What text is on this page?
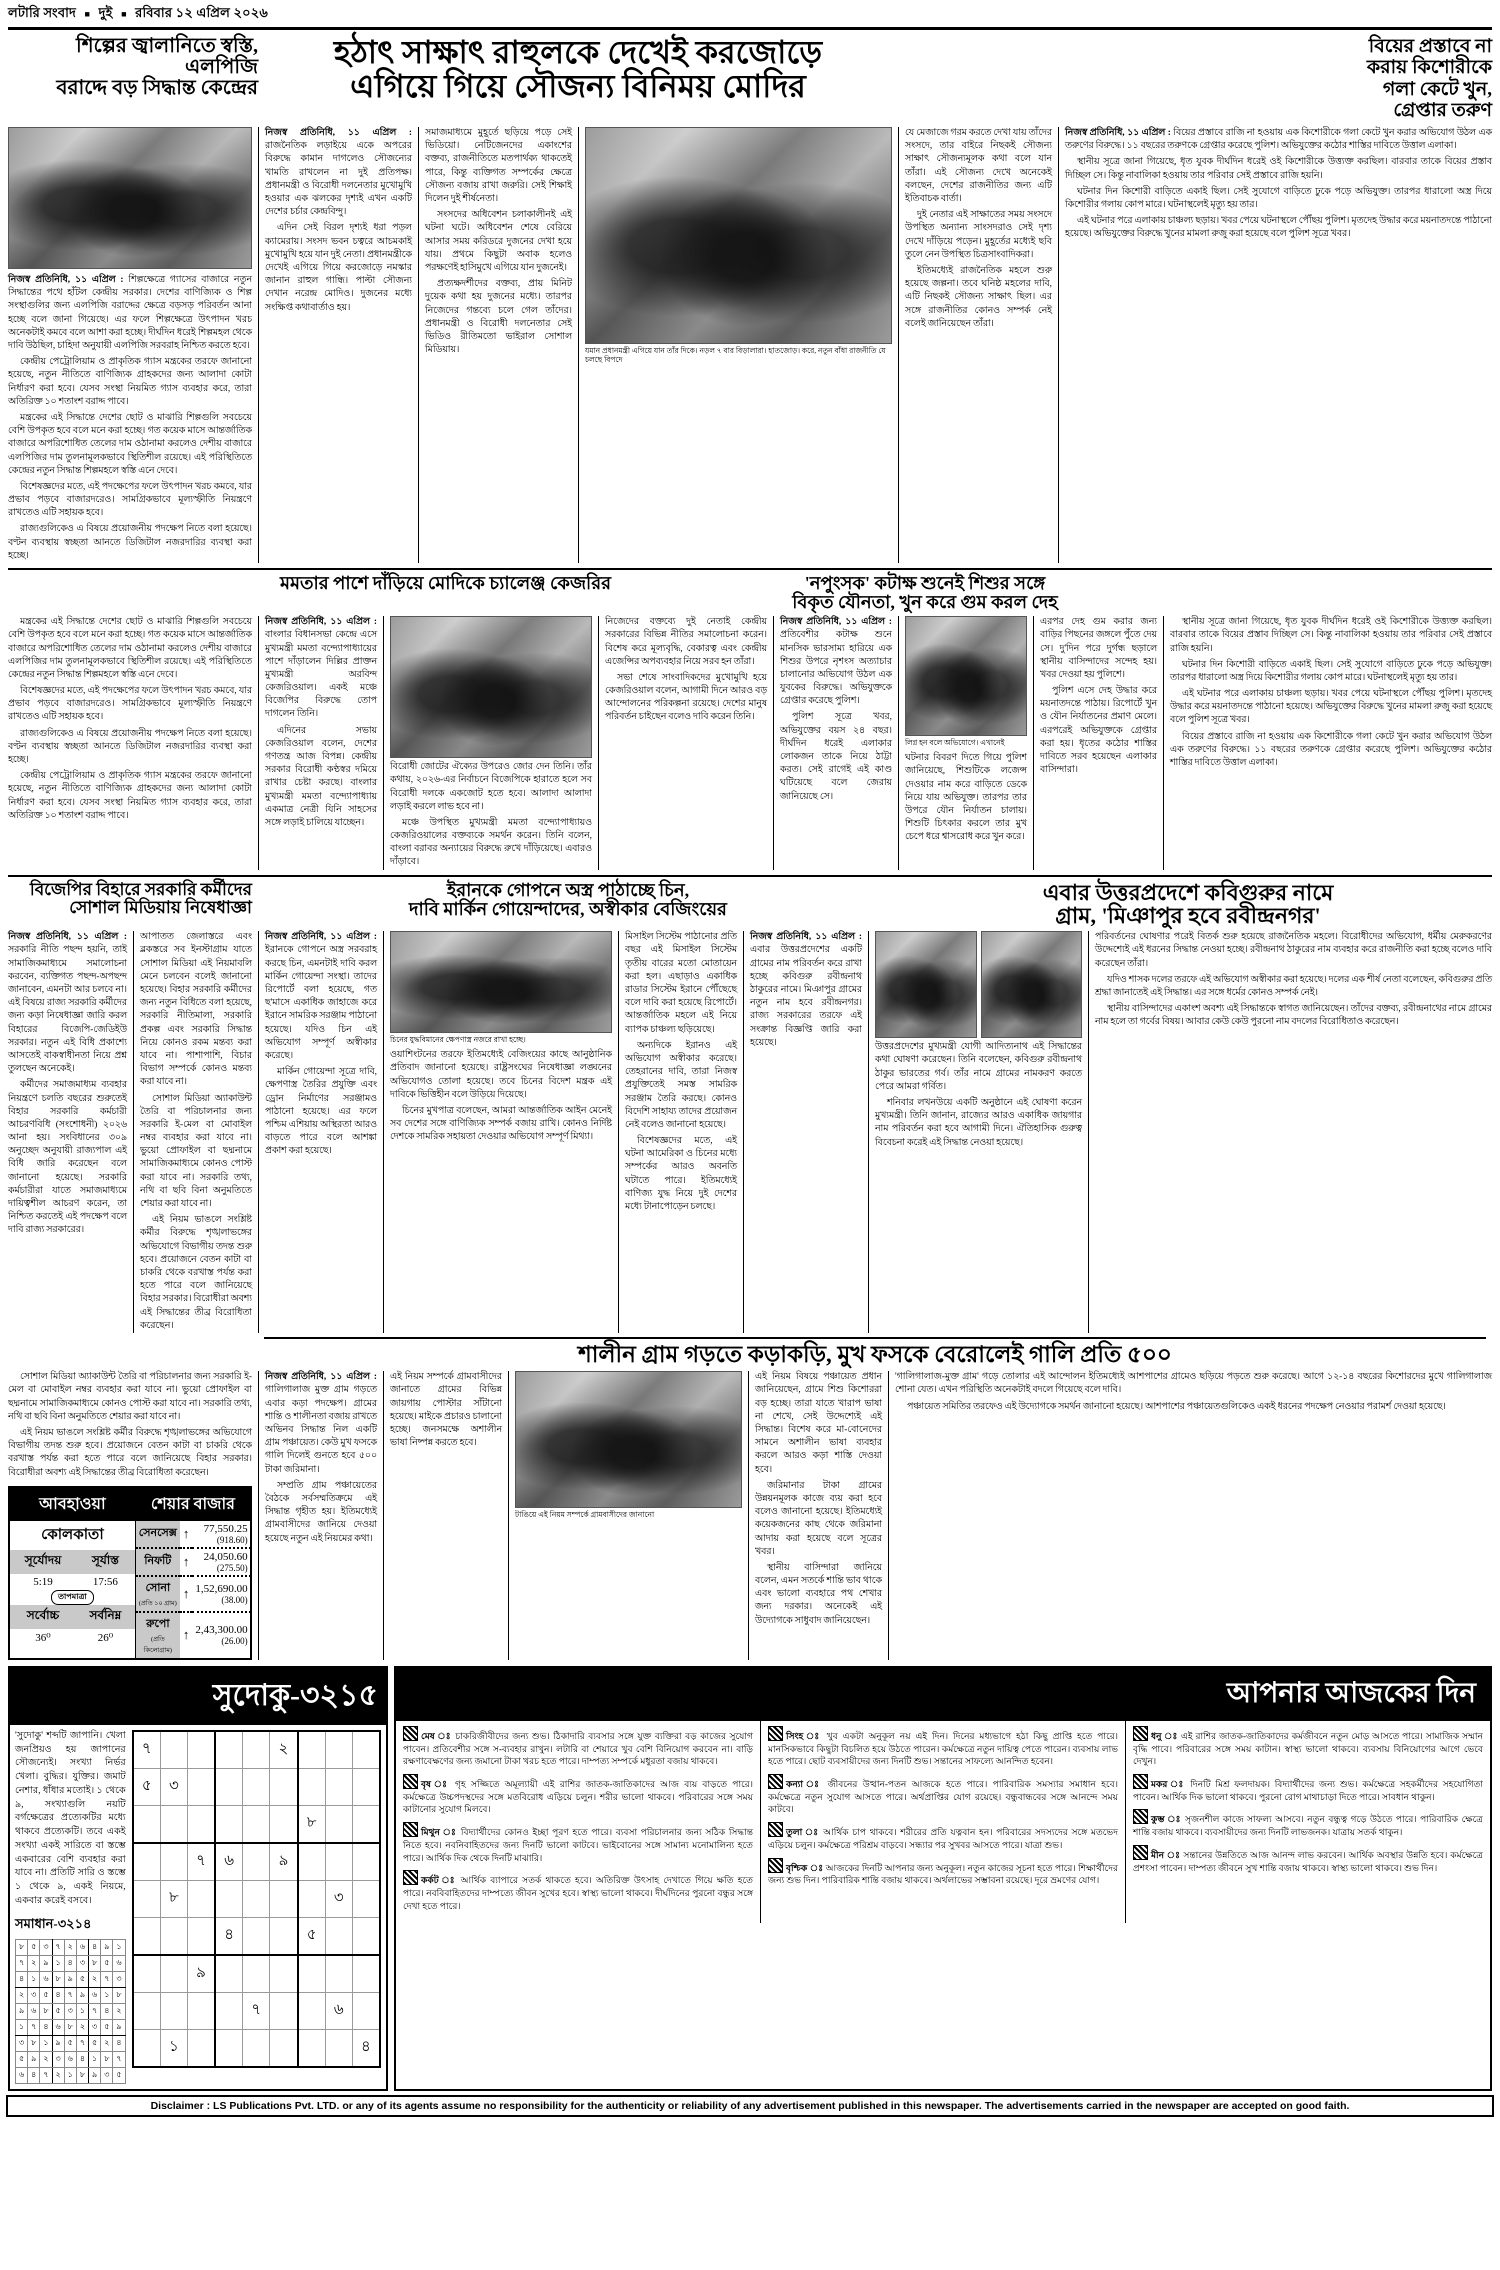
লটারি সংবাদ ■ দুই ■ রবিবার ১২ এপ্রিল ২০২৬
শিল্পের জ্বালানিতে স্বস্তি, এলপিজি
বরাদ্দে বড় সিদ্ধান্ত কেন্দ্রের
হঠাৎ সাক্ষাৎ রাহুলকে দেখেই করজোড়ে
এগিয়ে গিয়ে সৌজন্য বিনিময় মোদির
বিয়ের প্রস্তাবে না
করায় কিশোরীকে
গলা কেটে খুন,
গ্রেপ্তার তরুণ
নিজস্ব প্রতিনিধি, ১১ এপ্রিল : শিল্পক্ষেত্রে গ্যাসের বাজারে নতুন সিদ্ধান্তের পথে হাঁটল কেন্দ্রীয় সরকার। দেশের বাণিজ্যিক ও শিল্প সংস্থাগুলির জন্য এলপিজি বরাদ্দের ক্ষেত্রে বড়সড় পরিবর্তন আনা হচ্ছে বলে জানা গিয়েছে। এর ফলে শিল্পক্ষেত্রে উৎপাদন খরচ অনেকটাই কমবে বলে আশা করা হচ্ছে। দীর্ঘদিন ধরেই শিল্পমহল থেকে দাবি উঠছিল, চাহিদা অনুযায়ী এলপিজি সরবরাহ নিশ্চিত করতে হবে।

কেন্দ্রীয় পেট্রোলিয়াম ও প্রাকৃতিক গ্যাস মন্ত্রকের তরফে জানানো হয়েছে, নতুন নীতিতে বাণিজ্যিক গ্রাহকদের জন্য আলাদা কোটা নির্ধারণ করা হবে। যেসব সংস্থা নিয়মিত গ্যাস ব্যবহার করে, তারা অতিরিক্ত ১০ শতাংশ বরাদ্দ পাবে।

মন্ত্রকের এই সিদ্ধান্তে দেশের ছোট ও মাঝারি শিল্পগুলি সবচেয়ে বেশি উপকৃত হবে বলে মনে করা হচ্ছে। গত কয়েক মাসে আন্তর্জাতিক বাজারে অপরিশোধিত তেলের দাম ওঠানামা করলেও দেশীয় বাজারে এলপিজির দাম তুলনামূলকভাবে স্থিতিশীল রয়েছে। এই পরিস্থিতিতে কেন্দ্রের নতুন সিদ্ধান্ত শিল্পমহলে স্বস্তি এনে দেবে।

বিশেষজ্ঞদের মতে, এই পদক্ষেপের ফলে উৎপাদন খরচ কমবে, যার প্রভাব পড়বে বাজারদরেও। সামগ্রিকভাবে মূল্যস্ফীতি নিয়ন্ত্রণে রাখতেও এটি সহায়ক হবে।

রাজ্যগুলিকেও এ বিষয়ে প্রয়োজনীয় পদক্ষেপ নিতে বলা হয়েছে। বণ্টন ব্যবস্থায় স্বচ্ছতা আনতে ডিজিটাল নজরদারির ব্যবস্থা করা হচ্ছে।

নিজস্ব প্রতিনিধি, ১১ এপ্রিল : রাজনৈতিক লড়াইয়ে একে অপরের বিরুদ্ধে কামান দাগলেও সৌজন্যের খামতি রাখলেন না দুই প্রতিপক্ষ। প্রধানমন্ত্রী ও বিরোধী দলনেতার মুখোমুখি হওয়ার এক ঝলকের দৃশ্যই এখন একটি দেশের চর্চার কেন্দ্রবিন্দু।

এদিন সেই বিরল দৃশ্যই ধরা পড়ল ক্যামেরায়। সংসদ ভবন চত্বরে আচমকাই মুখোমুখি হয়ে যান দুই নেতা। প্রধানমন্ত্রীকে দেখেই এগিয়ে গিয়ে করজোড়ে নমস্কার জানান রাহুল গান্ধি। পাল্টা সৌজন্য দেখান নরেন্দ্র মোদিও। দুজনের মধ্যে সংক্ষিপ্ত কথাবার্তাও হয়।

সমাজমাধ্যমে মুহূর্তে ছড়িয়ে পড়ে সেই ভিডিয়ো। নেটিজেনদের একাংশের বক্তব্য, রাজনীতিতে মতপার্থক্য থাকতেই পারে, কিন্তু ব্যক্তিগত সম্পর্কের ক্ষেত্রে সৌজন্য বজায় রাখা জরুরি। সেই শিক্ষাই দিলেন দুই শীর্ষনেতা।

সংসদের অধিবেশন চলাকালীনই এই ঘটনা ঘটে। অধিবেশন শেষে বেরিয়ে আসার সময় করিডরে দুজনের দেখা হয়ে যায়। প্রথমে কিছুটা অবাক হলেও পরক্ষণেই হাসিমুখে এগিয়ে যান দুজনেই।

প্রত্যক্ষদর্শীদের বক্তব্য, প্রায় মিনিট দুয়েক কথা হয় দুজনের মধ্যে। তারপর নিজেদের গন্তব্যে চলে গেল তাঁদের। প্রধানমন্ত্রী ও বিরোধী দলনেতার সেই ভিডিও রীতিমতো ভাইরাল সোশাল মিডিয়ায়।	যমান প্রধানমন্ত্রী এগিয়ে যান তাঁর দিকে। নড়ল ৭ বার বিড়ালারা। হাতজোড়। করে, নতুন বাঁধা রাজনীতি যে চলছে বিপদে

যে মেজাজে গরম করতে দেখা যায় তাঁদের সংসদে, তার বাইরে নিছকই সৌজন্য সাক্ষাৎ সৌজন্যমূলক কথা বলে যান তাঁরা। এই সৌজন্য দেখে অনেকেই বলছেন, দেশের রাজনীতির জন্য এটি ইতিবাচক বার্তা।

দুই নেতার এই সাক্ষাতের সময় সংসদে উপস্থিত অন্যান্য সাংসদরাও সেই দৃশ্য দেখে দাঁড়িয়ে পড়েন। মুহূর্তের মধ্যেই ছবি তুলে নেন উপস্থিত চিত্রসাংবাদিকরা।

ইতিমধ্যেই রাজনৈতিক মহলে শুরু হয়েছে জল্পনা। তবে ঘনিষ্ঠ মহলের দাবি, এটি নিছকই সৌজন্য সাক্ষাৎ ছিল। এর সঙ্গে রাজনীতির কোনও সম্পর্ক নেই বলেই জানিয়েছেন তাঁরা।

নিজস্ব প্রতিনিধি, ১১ এপ্রিল : বিয়ের প্রস্তাবে রাজি না হওয়ায় এক কিশোরীকে গলা কেটে খুন করার অভিযোগ উঠল এক তরুণের বিরুদ্ধে। ১১ বছরের তরুণকে গ্রেপ্তার করেছে পুলিশ। অভিযুক্তের কঠোর শাস্তির দাবিতে উত্তাল এলাকা।

স্থানীয় সূত্রে জানা গিয়েছে, ধৃত যুবক দীর্ঘদিন ধরেই ওই কিশোরীকে উত্ত্যক্ত করছিল। বারবার তাকে বিয়ের প্রস্তাব দিচ্ছিল সে। কিন্তু নাবালিকা হওয়ায় তার পরিবার সেই প্রস্তাবে রাজি হয়নি।

ঘটনার দিন কিশোরী বাড়িতে একাই ছিল। সেই সুযোগে বাড়িতে ঢুকে পড়ে অভিযুক্ত। তারপর ধারালো অস্ত্র দিয়ে কিশোরীর গলায় কোপ মারে। ঘটনাস্থলেই মৃত্যু হয় তার।

এই ঘটনার পরে এলাকায় চাঞ্চল্য ছড়ায়। খবর পেয়ে ঘটনাস্থলে পৌঁছয় পুলিশ। মৃতদেহ উদ্ধার করে ময়নাতদন্তে পাঠানো হয়েছে। অভিযুক্তের বিরুদ্ধে খুনের মামলা রুজু করা হয়েছে বলে পুলিশ সূত্রে খবর।

মমতার পাশে দাঁড়িয়ে মোদিকে চ্যালেঞ্জ কেজরির	'নপুংসক' কটাক্ষ শুনেই শিশুর সঙ্গে
বিকৃত যৌনতা, খুন করে গুম করল দেহ

মন্ত্রকের এই সিদ্ধান্তে দেশের ছোট ও মাঝারি শিল্পগুলি সবচেয়ে বেশি উপকৃত হবে বলে মনে করা হচ্ছে। গত কয়েক মাসে আন্তর্জাতিক বাজারে অপরিশোধিত তেলের দাম ওঠানামা করলেও দেশীয় বাজারে এলপিজির দাম তুলনামূলকভাবে স্থিতিশীল রয়েছে। এই পরিস্থিতিতে কেন্দ্রের নতুন সিদ্ধান্ত শিল্পমহলে স্বস্তি এনে দেবে।

বিশেষজ্ঞদের মতে, এই পদক্ষেপের ফলে উৎপাদন খরচ কমবে, যার প্রভাব পড়বে বাজারদরেও। সামগ্রিকভাবে মূল্যস্ফীতি নিয়ন্ত্রণে রাখতেও এটি সহায়ক হবে।

রাজ্যগুলিকেও এ বিষয়ে প্রয়োজনীয় পদক্ষেপ নিতে বলা হয়েছে। বণ্টন ব্যবস্থায় স্বচ্ছতা আনতে ডিজিটাল নজরদারির ব্যবস্থা করা হচ্ছে।

কেন্দ্রীয় পেট্রোলিয়াম ও প্রাকৃতিক গ্যাস মন্ত্রকের তরফে জানানো হয়েছে, নতুন নীতিতে বাণিজ্যিক গ্রাহকদের জন্য আলাদা কোটা নির্ধারণ করা হবে। যেসব সংস্থা নিয়মিত গ্যাস ব্যবহার করে, তারা অতিরিক্ত ১০ শতাংশ বরাদ্দ পাবে।

নিজস্ব প্রতিনিধি, ১১ এপ্রিল : বাংলার বিধানসভা কেন্দ্রে এসে মুখ্যমন্ত্রী মমতা বন্দ্যোপাধ্যায়ের পাশে দাঁড়ালেন দিল্লির প্রাক্তন মুখ্যমন্ত্রী অরবিন্দ কেজরিওয়াল। একই মঞ্চে বিজেপির বিরুদ্ধে তোপ দাগলেন তিনি।

এদিনের সভায় কেজরিওয়াল বলেন, দেশের গণতন্ত্র আজ বিপন্ন। কেন্দ্রীয় সরকার বিরোধী কণ্ঠস্বর দমিয়ে রাখার চেষ্টা করছে। বাংলার মুখ্যমন্ত্রী মমতা বন্দ্যোপাধ্যায় একমাত্র নেত্রী যিনি সাহসের সঙ্গে লড়াই চালিয়ে যাচ্ছেন।

বিরোধী জোটের ঐক্যের উপরেও জোর দেন তিনি। তাঁর কথায়, ২০২৬-এর নির্বাচনে বিজেপিকে হারাতে হলে সব বিরোধী দলকে একজোট হতে হবে। আলাদা আলাদা লড়াই করলে লাভ হবে না।

মঞ্চে উপস্থিত মুখ্যমন্ত্রী মমতা বন্দ্যোপাধ্যায়ও কেজরিওয়ালের বক্তব্যকে সমর্থন করেন। তিনি বলেন, বাংলা বরাবর অন্যায়ের বিরুদ্ধে রুখে দাঁড়িয়েছে। এবারও দাঁড়াবে।

নিজেদের বক্তব্যে দুই নেতাই কেন্দ্রীয় সরকারের বিভিন্ন নীতির সমালোচনা করেন। বিশেষ করে মূল্যবৃদ্ধি, বেকারত্ব এবং কেন্দ্রীয় এজেন্সির অপব্যবহার নিয়ে সরব হন তাঁরা।

সভা শেষে সাংবাদিকদের মুখোমুখি হয়ে কেজরিওয়াল বলেন, আগামী দিনে আরও বড় আন্দোলনের পরিকল্পনা রয়েছে। দেশের মানুষ পরিবর্তন চাইছেন বলেও দাবি করেন তিনি।

নিজস্ব প্রতিনিধি, ১১ এপ্রিল : প্রতিবেশীর কটাক্ষ শুনে মানসিক ভারসাম্য হারিয়ে এক শিশুর উপরে নৃশংস অত্যাচার চালানোর অভিযোগ উঠল এক যুবকের বিরুদ্ধে। অভিযুক্তকে গ্রেপ্তার করেছে পুলিশ।

পুলিশ সূত্রে খবর, অভিযুক্তের বয়স ২৪ বছর। দীর্ঘদিন ধরেই এলাকার লোকজন তাকে নিয়ে ঠাট্টা করত। সেই রাগেই এই কাণ্ড ঘটিয়েছে বলে জেরায় জানিয়েছে সে।

লিগ্ন হন বলে অভিযোগে। এখানেই

ঘটনার বিবরণ দিতে গিয়ে পুলিশ জানিয়েছে, শিশুটিকে লজেন্স দেওয়ার নাম করে বাড়িতে ডেকে নিয়ে যায় অভিযুক্ত। তারপর তার উপরে যৌন নির্যাতন চালায়। শিশুটি চিৎকার করলে তার মুখ চেপে ধরে শ্বাসরোধ করে খুন করে।

এরপর দেহ গুম করার জন্য বাড়ির পিছনের জঙ্গলে পুঁতে দেয় সে। দু'দিন পরে দুর্গন্ধ ছড়ালে স্থানীয় বাসিন্দাদের সন্দেহ হয়। খবর দেওয়া হয় পুলিশে।

পুলিশ এসে দেহ উদ্ধার করে ময়নাতদন্তে পাঠায়। রিপোর্টে খুন ও যৌন নির্যাতনের প্রমাণ মেলে। এরপরেই অভিযুক্তকে গ্রেপ্তার করা হয়। ধৃতের কঠোর শাস্তির দাবিতে সরব হয়েছেন এলাকার বাসিন্দারা।

স্থানীয় সূত্রে জানা গিয়েছে, ধৃত যুবক দীর্ঘদিন ধরেই ওই কিশোরীকে উত্ত্যক্ত করছিল। বারবার তাকে বিয়ের প্রস্তাব দিচ্ছিল সে। কিন্তু নাবালিকা হওয়ায় তার পরিবার সেই প্রস্তাবে রাজি হয়নি।

ঘটনার দিন কিশোরী বাড়িতে একাই ছিল। সেই সুযোগে বাড়িতে ঢুকে পড়ে অভিযুক্ত। তারপর ধারালো অস্ত্র দিয়ে কিশোরীর গলায় কোপ মারে। ঘটনাস্থলেই মৃত্যু হয় তার।

এই ঘটনার পরে এলাকায় চাঞ্চল্য ছড়ায়। খবর পেয়ে ঘটনাস্থলে পৌঁছয় পুলিশ। মৃতদেহ উদ্ধার করে ময়নাতদন্তে পাঠানো হয়েছে। অভিযুক্তের বিরুদ্ধে খুনের মামলা রুজু করা হয়েছে বলে পুলিশ সূত্রে খবর।

বিয়ের প্রস্তাবে রাজি না হওয়ায় এক কিশোরীকে গলা কেটে খুন করার অভিযোগ উঠল এক তরুণের বিরুদ্ধে। ১১ বছরের তরুণকে গ্রেপ্তার করেছে পুলিশ। অভিযুক্তের কঠোর শাস্তির দাবিতে উত্তাল এলাকা।

বিজেপির বিহারে সরকারি কর্মীদের
সোশাল মিডিয়ায় নিষেধাজ্ঞা
ইরানকে গোপনে অস্ত্র পাঠাচ্ছে চিন,
দাবি মার্কিন গোয়েন্দাদের, অস্বীকার বেজিংয়ের
এবার উত্তরপ্রদেশে কবিগুরুর নামে
গ্রাম, 'মিঞাপুর হবে রবীন্দ্রনগর'
নিজস্ব প্রতিনিধি, ১১ এপ্রিল : সরকারি নীতি পছন্দ হয়নি, তাই সামাজিকমাধ্যমে সমালোচনা করবেন, ব্যক্তিগত পছন্দ-অপছন্দ জানাবেন, এমনটা আর চলবে না। এই বিষয়ে রাজ্য সরকারি কর্মীদের জন্য কড়া নিষেধাজ্ঞা জারি করল বিহারের বিজেপি-জেডিইউ সরকার। নতুন এই বিধি প্রকাশ্যে আসতেই বাকস্বাধীনতা নিয়ে প্রশ্ন তুলছেন অনেকেই।

কর্মীদের সমাজমাধ্যম ব্যবহার নিয়ন্ত্রণে চলতি বছরের শুরুতেই বিহার সরকারি কর্মচারী আচরণবিধি (সংশোধনী) ২০২৬ আনা হয়। সংবিধানের ৩০৯ অনুচ্ছেদ অনুযায়ী রাজ্যপাল এই বিধি জারি করেছেন বলে জানানো হয়েছে। সরকারি কর্মচারীরা যাতে সমাজমাধ্যমে দায়িত্বশীল আচরণ করেন, তা নিশ্চিত করতেই এই পদক্ষেপ বলে দাবি রাজ্য সরকারের।

আপাতত জেলাস্তরে এবং ব্লকস্তরে সব ইনস্টাগ্রাম যাতে সোশাল মিডিয়া এই নিয়মাবলি মেনে চলবেন বলেই জানানো হয়েছে। বিহার সরকারি কর্মীদের জন্য নতুন বিধিতে বলা হয়েছে, সরকারি নীতিমালা, সরকারি প্রকল্প এবং সরকারি সিদ্ধান্ত নিয়ে কোনও রকম মন্তব্য করা যাবে না। পাশাপাশি, বিচার বিভাগ সম্পর্কে কোনও মন্তব্য করা যাবে না।

সোশাল মিডিয়া অ্যাকাউন্ট তৈরি বা পরিচালনার জন্য সরকারি ই-মেল বা মোবাইল নম্বর ব্যবহার করা যাবে না। ভুয়ো প্রোফাইল বা ছদ্মনামে সামাজিকমাধ্যমে কোনও পোস্ট করা যাবে না। সরকারি তথ্য, নথি বা ছবি বিনা অনুমতিতে শেয়ার করা যাবে না।

এই নিয়ম ভাঙলে সংশ্লিষ্ট কর্মীর বিরুদ্ধে শৃঙ্খলাভঙ্গের অভিযোগে বিভাগীয় তদন্ত শুরু হবে। প্রয়োজনে বেতন কাটা বা চাকরি থেকে বরখাস্ত পর্যন্ত করা হতে পারে বলে জানিয়েছে বিহার সরকার। বিরোধীরা অবশ্য এই সিদ্ধান্তের তীব্র বিরোধিতা করেছেন।

নিজস্ব প্রতিনিধি, ১১ এপ্রিল : ইরানকে গোপনে অস্ত্র সরবরাহ করছে চিন, এমনটাই দাবি করল মার্কিন গোয়েন্দা সংস্থা। তাদের রিপোর্টে বলা হয়েছে, গত ছ'মাসে একাধিক জাহাজে করে ইরানে সামরিক সরঞ্জাম পাঠানো হয়েছে। যদিও চিন এই অভিযোগ সম্পূর্ণ অস্বীকার করেছে।

মার্কিন গোয়েন্দা সূত্রে দাবি, ক্ষেপণাস্ত্র তৈরির প্রযুক্তি এবং ড্রোন নির্মাণের সরঞ্জামও পাঠানো হয়েছে। এর ফলে পশ্চিম এশিয়ায় অস্থিরতা আরও বাড়তে পারে বলে আশঙ্কা প্রকাশ করা হয়েছে।

চিনের যুদ্ধবিমানের ক্ষেপণাস্ত্র নজরে রাখা হচ্ছে।

ওয়াশিংটনের তরফে ইতিমধ্যেই বেজিংয়ের কাছে আনুষ্ঠানিক প্রতিবাদ জানানো হয়েছে। রাষ্ট্রসংঘের নিষেধাজ্ঞা লঙ্ঘনের অভিযোগও তোলা হয়েছে। তবে চিনের বিদেশ মন্ত্রক এই দাবিকে ভিত্তিহীন বলে উড়িয়ে দিয়েছে।

চিনের মুখপাত্র বলেছেন, আমরা আন্তর্জাতিক আইন মেনেই সব দেশের সঙ্গে বাণিজ্যিক সম্পর্ক বজায় রাখি। কোনও নির্দিষ্ট দেশকে সামরিক সহায়তা দেওয়ার অভিযোগ সম্পূর্ণ মিথ্যা।

মিসাইল সিস্টেম পাঠানোর প্রতি বছর এই মিসাইল সিস্টেম তৃতীয় বারের মতো মোতায়েন করা হল। এছাড়াও একাধিক রাডার সিস্টেম ইরানে পৌঁছেছে বলে দাবি করা হয়েছে রিপোর্টে। আন্তর্জাতিক মহলে এই নিয়ে ব্যাপক চাঞ্চল্য ছড়িয়েছে।

অন্যদিকে ইরানও এই অভিযোগ অস্বীকার করেছে। তেহরানের দাবি, তারা নিজস্ব প্রযুক্তিতেই সমস্ত সামরিক সরঞ্জাম তৈরি করছে। কোনও বিদেশি সাহায্য তাদের প্রয়োজন নেই বলেও জানানো হয়েছে।

বিশেষজ্ঞদের মতে, এই ঘটনা আমেরিকা ও চিনের মধ্যে সম্পর্কের আরও অবনতি ঘটাতে পারে। ইতিমধ্যেই বাণিজ্য যুদ্ধ নিয়ে দুই দেশের মধ্যে টানাপোড়েন চলছে।

নিজস্ব প্রতিনিধি, ১১ এপ্রিল : এবার উত্তরপ্রদেশের একটি গ্রামের নাম পরিবর্তন করে রাখা হচ্ছে কবিগুরু রবীন্দ্রনাথ ঠাকুরের নামে। মিঞাপুর গ্রামের নতুন নাম হবে রবীন্দ্রনগর। রাজ্য সরকারের তরফে এই সংক্রান্ত বিজ্ঞপ্তি জারি করা হয়েছে।	উত্তরপ্রদেশের মুখ্যমন্ত্রী যোগী আদিত্যনাথ এই সিদ্ধান্তের কথা ঘোষণা করেছেন। তিনি বলেছেন, কবিগুরু রবীন্দ্রনাথ ঠাকুর ভারতের গর্ব। তাঁর নামে গ্রামের নামকরণ করতে পেরে আমরা গর্বিত।

শনিবার লখনউয়ে একটি অনুষ্ঠানে এই ঘোষণা করেন মুখ্যমন্ত্রী। তিনি জানান, রাজ্যের আরও একাধিক জায়গার নাম পরিবর্তন করা হবে আগামী দিনে। ঐতিহাসিক গুরুত্ব বিবেচনা করেই এই সিদ্ধান্ত নেওয়া হয়েছে।

পরিবর্তনের ঘোষণার পরেই বিতর্ক শুরু হয়েছে রাজনৈতিক মহলে। বিরোধীদের অভিযোগ, ধর্মীয় মেরুকরণের উদ্দেশ্যেই এই ধরনের সিদ্ধান্ত নেওয়া হচ্ছে। রবীন্দ্রনাথ ঠাকুরের নাম ব্যবহার করে রাজনীতি করা হচ্ছে বলেও দাবি করেছেন তাঁরা।

যদিও শাসক দলের তরফে এই অভিযোগ অস্বীকার করা হয়েছে। দলের এক শীর্ষ নেতা বলেছেন, কবিগুরুর প্রতি শ্রদ্ধা জানাতেই এই সিদ্ধান্ত। এর সঙ্গে ধর্মের কোনও সম্পর্ক নেই।

স্থানীয় বাসিন্দাদের একাংশ অবশ্য এই সিদ্ধান্তকে স্বাগত জানিয়েছেন। তাঁদের বক্তব্য, রবীন্দ্রনাথের নামে গ্রামের নাম হলে তা গর্বের বিষয়। আবার কেউ কেউ পুরনো নাম বদলের বিরোধিতাও করেছেন।

শালীন গ্রাম গড়তে কড়াকড়ি, মুখ ফসকে বেরোলেই গালি প্রতি ৫০০

সোশাল মিডিয়া অ্যাকাউন্ট তৈরি বা পরিচালনার জন্য সরকারি ই-মেল বা মোবাইল নম্বর ব্যবহার করা যাবে না। ভুয়ো প্রোফাইল বা ছদ্মনামে সামাজিকমাধ্যমে কোনও পোস্ট করা যাবে না। সরকারি তথ্য, নথি বা ছবি বিনা অনুমতিতে শেয়ার করা যাবে না।

এই নিয়ম ভাঙলে সংশ্লিষ্ট কর্মীর বিরুদ্ধে শৃঙ্খলাভঙ্গের অভিযোগে বিভাগীয় তদন্ত শুরু হবে। প্রয়োজনে বেতন কাটা বা চাকরি থেকে বরখাস্ত পর্যন্ত করা হতে পারে বলে জানিয়েছে বিহার সরকার। বিরোধীরা অবশ্য এই সিদ্ধান্তের তীব্র বিরোধিতা করেছেন।

আবহাওয়া
কোলকাতা
সূর্যোদয়	সূর্যাস্ত
5:19	17:56
তাপমাত্রা	
সর্বোচ্চ	সর্বনিম্ন
36⁰	26⁰
শেয়ার বাজার
সেনসেক্স	↑	77,550.25
(918.60)

নিফটি	↑	24,050.60
(275.50)

সোনা
(প্রতি ১০ গ্রাম)
	↑	1,52,690.00
(38.00)

রুপো
(প্রতি কিলোগ্রাম)
	↑	2,43,300.00
(26.00)
নিজস্ব প্রতিনিধি, ১১ এপ্রিল : গালিগালাজ মুক্ত গ্রাম গড়তে এবার কড়া পদক্ষেপ। গ্রামের শান্তি ও শালীনতা বজায় রাখতে অভিনব সিদ্ধান্ত নিল একটি গ্রাম পঞ্চায়েত। কেউ মুখ ফসকে গালি দিলেই গুনতে হবে ৫০০ টাকা জরিমানা।

সম্প্রতি গ্রাম পঞ্চায়েতের বৈঠকে সর্বসম্মতিক্রমে এই সিদ্ধান্ত গৃহীত হয়। ইতিমধ্যেই গ্রামবাসীদের জানিয়ে দেওয়া হয়েছে নতুন এই নিয়মের কথা।

এই নিয়ম সম্পর্কে গ্রামবাসীদের জানাতে গ্রামের বিভিন্ন জায়গায় পোস্টার সাঁটানো হয়েছে। মাইকে প্রচারও চালানো হচ্ছে। জনসমক্ষে অশালীন ভাষা নিষ্পন্ন করতে হবে।

টাঙিয়ে এই নিয়ম সম্পর্কে গ্রামবাসীদের জানানো

এই নিয়ম বিষয়ে পঞ্চায়েত প্রধান জানিয়েছেন, গ্রামে শিশু কিশোররা বড় হচ্ছে। তারা যাতে খারাপ ভাষা না শেখে, সেই উদ্দেশ্যেই এই সিদ্ধান্ত। বিশেষ করে মা-বোনেদের সামনে অশালীন ভাষা ব্যবহার করলে আরও কড়া শাস্তি দেওয়া হবে।

জরিমানার টাকা গ্রামের উন্নয়নমূলক কাজে ব্যয় করা হবে বলেও জানানো হয়েছে। ইতিমধ্যেই কয়েকজনের কাছ থেকে জরিমানা আদায় করা হয়েছে বলে সূত্রের খবর।

স্থানীয় বাসিন্দারা জানিয়ে বলেন, এমন সতর্কে শান্তি ভাব থাকে এবং ভালো ব্যবহারে পথ শেখার জন্য দরকার। অনেকেই এই উদ্যোগকে সাধুবাদ জানিয়েছেন।

'গালিগালাজ-মুক্ত গ্রাম' গড়ে তোলার এই আন্দোলন ইতিমধ্যেই আশপাশের গ্রামেও ছড়িয়ে পড়তে শুরু করেছে। আগে ১২-১৪ বছরের কিশোরদের মুখে গালিগালাজ শোনা যেত। এখন পরিস্থিতি অনেকটাই বদলে গিয়েছে বলে দাবি।

পঞ্চায়েত সমিতির তরফেও এই উদ্যোগকে সমর্থন জানানো হয়েছে। আশপাশের পঞ্চায়েতগুলিকেও একই ধরনের পদক্ষেপ নেওয়ার পরামর্শ দেওয়া হয়েছে।

সুদোকু-৩২১৫
'সুদোকু' শব্দটি জাপানি। খেলা জনপ্রিয়ও হয় জাপানের সৌজন্যেই। সংখ্যা নির্ভর খেলা। বুদ্ধির। যুক্তির। জমাট নেশার, ধাঁধার মতোই। ১ থেকে ৯, সংখ্যাগুলি নয়টি বর্গক্ষেত্রের প্রত্যেকটির মধ্যে থাকবে প্রত্যেকটি। তবে একই সংখ্যা একই সারিতে বা স্তম্ভে একবারের বেশি ব্যবহার করা যাবে না। প্রতিটি সারি ও স্তম্ভে ১ থেকে ৯, একই নিয়মে, একবার করেই বসবে।
সমাধান-৩২১৪
৮	৫	৩	৭	২	৬	৪	৯	১
৭	২	৯	১	৪	৩	৮	৫	৬
৪	১	৬	৮	৯	৫	২	৭	৩
২	৩	৫	৪	৭	৯	৬	১	৮
৯	৬	৮	৫	৩	১	৭	৪	২
১	৭	৪	৬	৮	২	৩	৫	৯
৩	৮	১	৯	৫	৭	৫	২	৪
৫	৯	২	৩	৬	৪	১	৮	৭
৬	৪	৭	২	১	৮	৯	৩	৫
৭					২			
৫	৩							
						৮		
		৭	৬		৯			
	৮						৩	
			৪			৫		
		৯						
				৭			৬	
	১							৪
আপনার আজকের দিন

মেষ ঃ চাকরিজীবীদের জন্য শুভ। ঠিকাদারি ব্যবসার সঙ্গে যুক্ত ব্যক্তিরা বড় কাজের সুযোগ পাবেন। প্রতিবেশীর সঙ্গে স-ব্যবহার রাখুন। লটারি বা শেয়ারে খুব বেশি বিনিয়োগ করবেন না। বাড়ি রক্ষণাবেক্ষণের জন্য জমানো টাকা খরচ হতে পারে। দাম্পত্য সম্পর্কে মধুরতা বজায় থাকবে।

বৃষ ঃ গৃহ সজ্জিতে অমূল্যায়ী এই রাশির জাতক-জাতিকাদের আজ ব্যয় বাড়তে পারে। কর্মক্ষেত্রে উচ্চপদস্থদের সঙ্গে মতবিরোধ এড়িয়ে চলুন। শরীর ভালো থাকবে। পরিবারের সঙ্গে সময় কাটানোর সুযোগ মিলবে।

মিথুন ঃ বিদ্যার্থীদের কোনও ইচ্ছা পূরণ হতে পারে। ব্যবসা পরিচালনার জন্য সঠিক সিদ্ধান্ত নিতে হবে। নবনিবাহিতদের জন্য দিনটি ভালো কাটবে। ভাইবোনের সঙ্গে সামান্য মনোমালিন্য হতে পারে। আর্থিক দিক থেকে দিনটি মাঝারি।

কর্কট ঃ আর্থিক ব্যাপারে সতর্ক থাকতে হবে। অতিরিক্ত উৎসাহ দেখাতে গিয়ে ক্ষতি হতে পারে। নববিবাহিতদের দাম্পত্যে জীবন সুখের হবে। স্বাস্থ্য ভালো থাকবে। দীর্ঘদিনের পুরনো বন্ধুর সঙ্গে দেখা হতে পারে।

সিংহ ঃ খুব একটা অনুকূল নয় এই দিন। দিনের মধ্যভাগে হঠা কিছু প্রাপ্তি হতে পারে। মানসিকভাবে কিছুটা বিচলিত হয়ে উঠতে পারেন। কর্মক্ষেত্রে নতুন দায়িত্ব পেতে পারেন। ব্যবসায় লাভ হতে পারে। ছোট ব্যবসায়ীদের জন্য দিনটি শুভ। সন্তানের সাফল্যে আনন্দিত হবেন।

কন্যা ঃ জীবনের উত্থান-পতন আজকে হতে পারে। পারিবারিক সমস্যার সমাধান হবে। কর্মক্ষেত্রে নতুন সুযোগ আসতে পারে। অর্থপ্রাপ্তির যোগ রয়েছে। বন্ধুবান্ধবের সঙ্গে আনন্দে সময় কাটবে।

তুলা ঃ আর্থিক চাপ থাকবে। শরীরের প্রতি যত্নবান হন। পরিবারের সদস্যদের সঙ্গে মতভেদ এড়িয়ে চলুন। কর্মক্ষেত্রে পরিশ্রম বাড়বে। সন্ধ্যার পর সুখবর আসতে পারে। যাত্রা শুভ।

বৃশ্চিক ঃ আজকের দিনটি আপনার জন্য অনুকূল। নতুন কাজের সূচনা হতে পারে। শিক্ষার্থীদের জন্য শুভ দিন। পারিবারিক শান্তি বজায় থাকবে। অর্থলাভের সম্ভাবনা রয়েছে। দূরে ভ্রমণের যোগ।

ধনু ঃ এই রাশির জাতক-জাতিকাদের কর্মজীবনে নতুন মোড় আসতে পারে। সামাজিক সম্মান বৃদ্ধি পাবে। পরিবারের সঙ্গে সময় কাটান। স্বাস্থ্য ভালো থাকবে। ব্যবসায় বিনিয়োগের আগে ভেবে দেখুন।

মকর ঃ দিনটি মিশ্র ফলদায়ক। বিদ্যার্থীদের জন্য শুভ। কর্মক্ষেত্রে সহকর্মীদের সহযোগিতা পাবেন। আর্থিক দিক ভালো থাকবে। পুরনো রোগ মাথাচাড়া দিতে পারে। সাবধান থাকুন।

কুম্ভ ঃ সৃজনশীল কাজে সাফল্য আসবে। নতুন বন্ধুত্ব গড়ে উঠতে পারে। পারিবারিক ক্ষেত্রে শান্তি বজায় থাকবে। ব্যবসায়ীদের জন্য দিনটি লাভজনক। যাত্রায় সতর্ক থাকুন।

মীন ঃ সন্তানের উন্নতিতে আজ আনন্দ লাভ করবেন। আর্থিক অবস্থার উন্নতি হবে। কর্মক্ষেত্রে প্রশংসা পাবেন। দাম্পত্য জীবনে সুখ শান্তি বজায় থাকবে। স্বাস্থ্য ভালো থাকবে। শুভ দিন।

Disclaimer : LS Publications Pvt. LTD. or any of its agents assume no responsibility for the authenticity or reliability of any advertisement published in this newspaper. The advertisements carried in the newspaper are accepted on good faith.
